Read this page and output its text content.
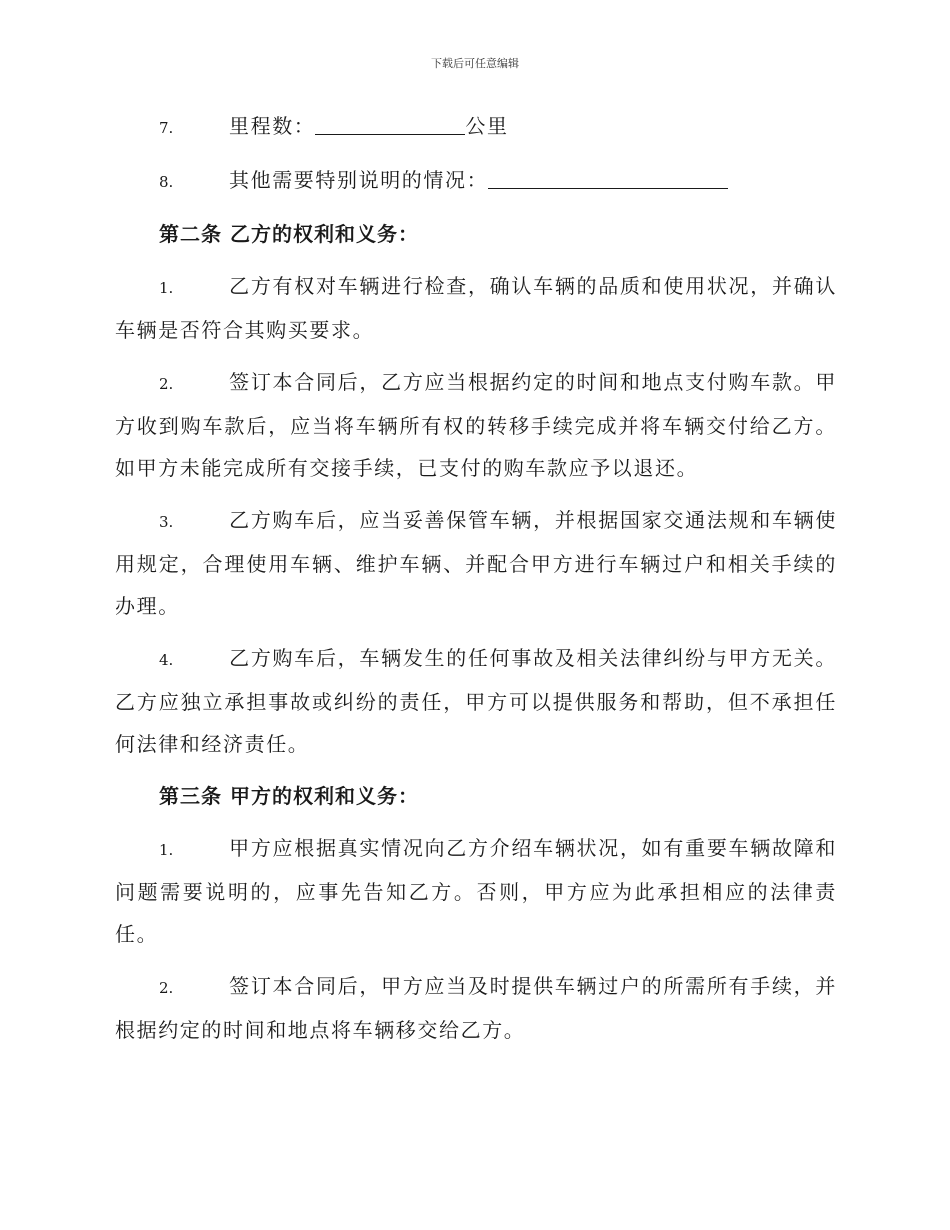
下载后可任意编辑

7.	里程数：	公里

8.	其他需要特别说明的情况：

第二条 乙方的权利和义务：

1.	乙方有权对车辆进行检查，确认车辆的品质和使用状况，并确认车辆是否符合其购买要求。

2.	签订本合同后，乙方应当根据约定的时间和地点支付购车款。甲方收到购车款后，应当将车辆所有权的转移手续完成并将车辆交付给乙方。如甲方未能完成所有交接手续，已支付的购车款应予以退还。

3.	乙方购车后，应当妥善保管车辆，并根据国家交通法规和车辆使用规定，合理使用车辆、维护车辆、并配合甲方进行车辆过户和相关手续的办理。

4.	乙方购车后，车辆发生的任何事故及相关法律纠纷与甲方无关。乙方应独立承担事故或纠纷的责任，甲方可以提供服务和帮助，但不承担任何法律和经济责任。

第三条 甲方的权利和义务：

1.	甲方应根据真实情况向乙方介绍车辆状况，如有重要车辆故障和问题需要说明的，应事先告知乙方。否则，甲方应为此承担相应的法律责任。

2.	签订本合同后，甲方应当及时提供车辆过户的所需所有手续，并根据约定的时间和地点将车辆移交给乙方。
